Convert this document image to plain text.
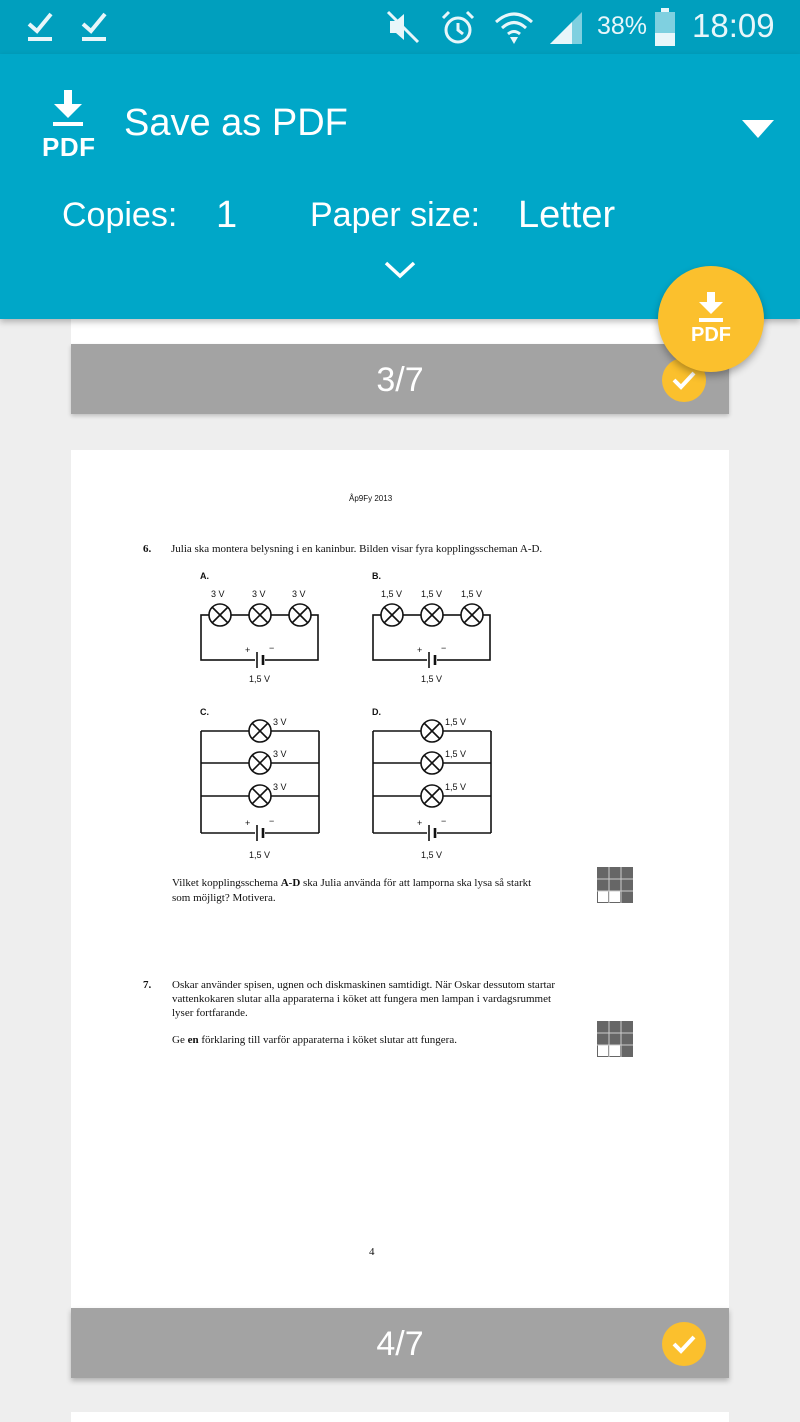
38% 18:09
PDF
Save as PDF
Copies: 1 Paper size: Letter
PDF
3/7
Åp9Fy 2013
6. Julia ska montera belysning i en kaninbur. Bilden visar fyra kopplingsscheman A-D.
A.
3 V	3 V	3 V
+ −
1,5 V
B.
1,5 V 1,5 V 1,5 V
+ −
1,5 V
C.
3 V
3 V
3 V
+ −
1,5 V
D.
1,5 V
1,5 V
1,5 V
+ −
1,5 V
Vilket kopplingsschema A-D ska Julia använda för att lamporna ska lysa så starkt
som möjligt? Motivera.
7. Oskar använder spisen, ugnen och diskmaskinen samtidigt. När Oskar dessutom startar
vattenkokaren slutar alla apparaterna i köket att fungera men lampan i vardagsrummet
lyser fortfarande.
Ge en förklaring till varför apparaterna i köket slutar att fungera.
4
4/7
